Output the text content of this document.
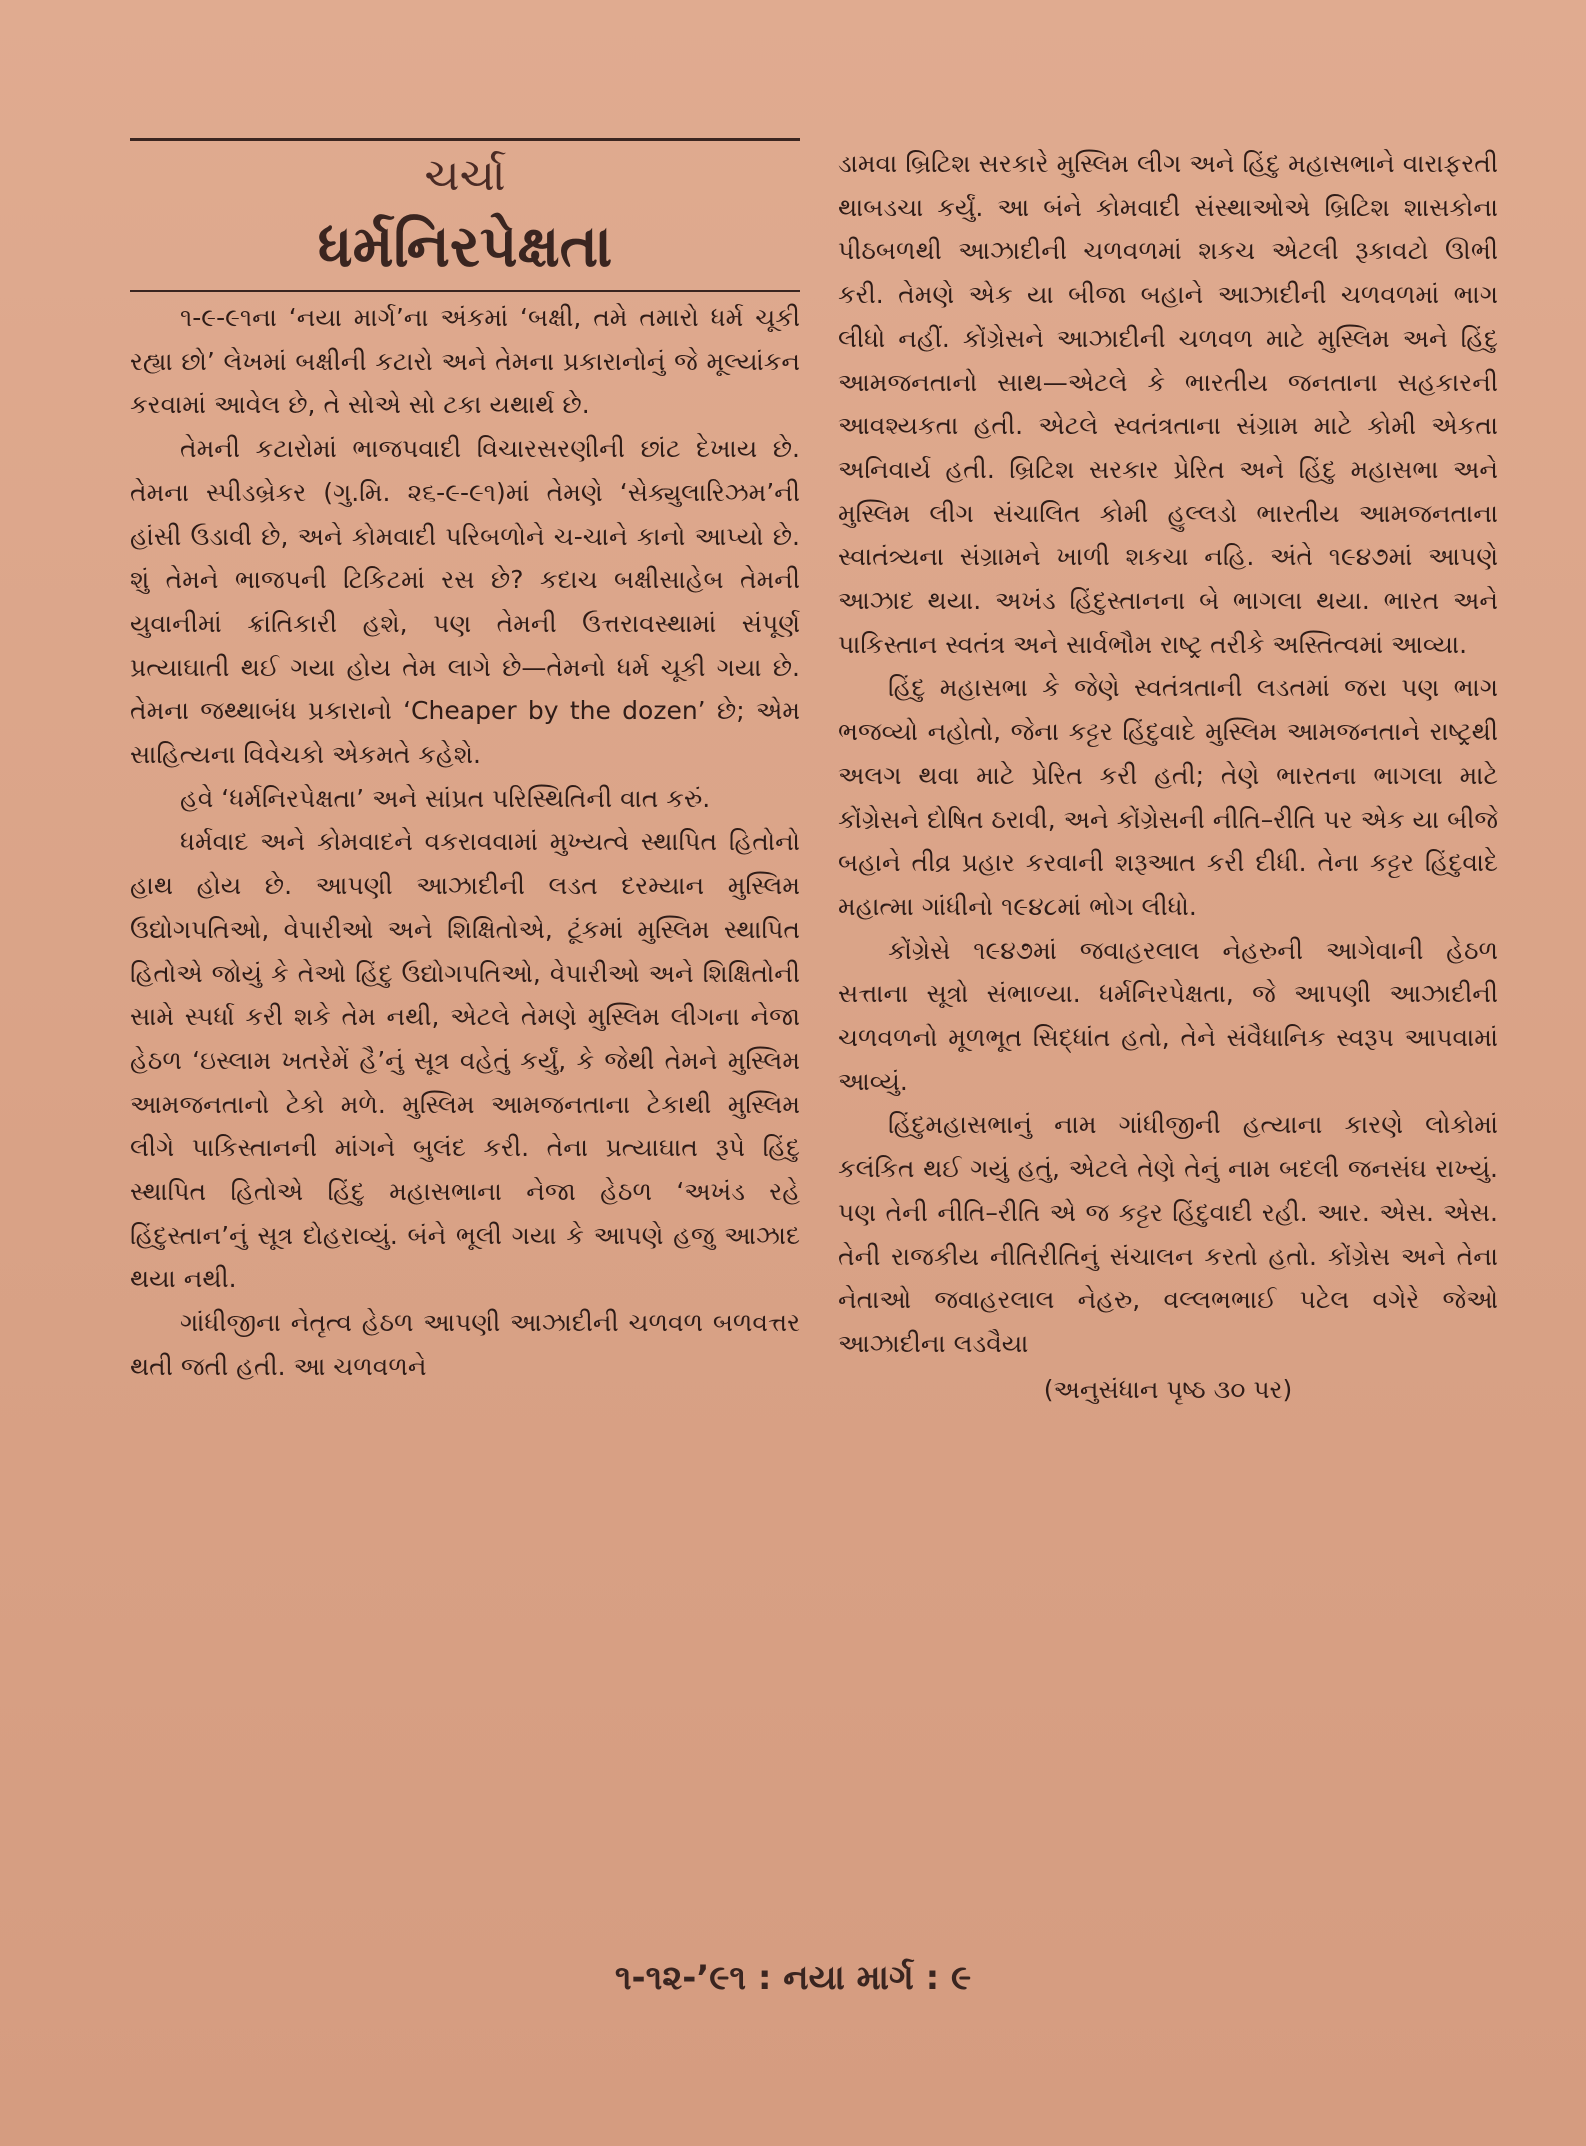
ચર્ચા
ધર્મનિરપેક્ષતા

૧-૯-૯૧ના ‘નયા માર્ગ’ના અંકમાં ‘બક્ષી, તમે તમારો ધર્મ ચૂકી રહ્યા છો’ લેખમાં બક્ષીની કટારો અને તેમના પ્રકારાનોનું જે મૂલ્યાંકન કરવામાં આવેલ છે, તે સોએ સો ટકા યથાર્થ છે.

તેમની કટારોમાં ભાજપવાદી વિચારસરણીની છાંટ દેખાય છે. તેમના સ્પીડબ્રેકર (ગુ.મિ. ૨૬-૯-૯૧)માં તેમણે ‘સેક્યુલારિઝમ’ની હાંસી ઉડાવી છે, અને કોમવાદી પરિબળોને ચ-ચાને કાનો આપ્યો છે. શું તેમને ભાજપની ટિકિટમાં રસ છે? કદાચ બક્ષીસાહેબ તેમની યુવાનીમાં ક્રાંતિકારી હશે, પણ તેમની ઉત્તરાવસ્થામાં સંપૂર્ણ પ્રત્યાઘાતી થઈ ગયા હોય તેમ લાગે છે—તેમનો ધર્મ ચૂકી ગયા છે. તેમના જથ્થાબંધ પ્રકારાનો ‘Cheaper by the dozen’ છે; એમ સાહિત્યના વિવેચકો એકમતે કહેશે.

હવે ‘ધર્મનિરપેક્ષતા’ અને સાંપ્રત પરિસ્થિતિની વાત કરું.

ધર્મવાદ અને કોમવાદને વકરાવવામાં મુખ્યત્વે સ્થાપિત હિતોનો હાથ હોય છે. આપણી આઝાદીની લડત દરમ્યાન મુસ્લિમ ઉદ્યોગપતિઓ, વેપારીઓ અને શિક્ષિતોએ, ટૂંકમાં મુસ્લિમ સ્થાપિત હિતોએ જોયું કે તેઓ હિંદુ ઉદ્યોગપતિઓ, વેપારીઓ અને શિક્ષિતોની સામે સ્પર્ધા કરી શકે તેમ નથી, એટલે તેમણે મુસ્લિમ લીગના નેજા હેઠળ ‘ઇસ્લામ ખતરેમેં હૈ’નું સૂત્ર વહેતું કર્યું, કે જેથી તેમને મુસ્લિમ આમજનતાનો ટેકો મળે. મુસ્લિમ આમજનતાના ટેકાથી મુસ્લિમ લીગે પાકિસ્તાનની માંગને બુલંદ કરી. તેના પ્રત્યાઘાત રૂપે હિંદુ સ્થાપિત હિતોએ હિંદુ મહાસભાના નેજા હેઠળ ‘અખંડ રહે હિંદુસ્તાન’નું સૂત્ર દોહરાવ્યું. બંને ભૂલી ગયા કે આપણે હજુ આઝાદ થયા નથી.

ગાંધીજીના નેતૃત્વ હેઠળ આપણી આઝાદીની ચળવળ બળવત્તર થતી જતી હતી. આ ચળવળને

ડામવા બ્રિટિશ સરકારે મુસ્લિમ લીગ અને હિંદુ મહાસભાને વારાફરતી થાબડચા કર્યું. આ બંને કોમવાદી સંસ્થાઓએ બ્રિટિશ શાસકોના પીઠબળથી આઝાદીની ચળવળમાં શકચ એટલી રૂકાવટો ઊભી કરી. તેમણે એક યા બીજા બહાને આઝાદીની ચળવળમાં ભાગ લીધો નહીં. કોંગ્રેસને આઝાદીની ચળવળ માટે મુસ્લિમ અને હિંદુ આમજનતાનો સાથ—એટલે કે ભારતીય જનતાના સહકારની આવશ્યકતા હતી. એટલે સ્વતંત્રતાના સંગ્રામ માટે કોમી એકતા અનિવાર્ય હતી. બ્રિટિશ સરકાર પ્રેરિત અને હિંદુ મહાસભા અને મુસ્લિમ લીગ સંચાલિત કોમી હુલ્લડો ભારતીય આમજનતાના સ્વાતંત્ર્યના સંગ્રામને ખાળી શકચા નહિ. અંતે ૧૯૪૭માં આપણે આઝાદ થયા. અખંડ હિંદુસ્તાનના બે ભાગલા થયા. ભારત અને પાકિસ્તાન સ્વતંત્ર અને સાર્વભૌમ રાષ્ટ્ર તરીકે અસ્તિત્વમાં આવ્યા.

હિંદુ મહાસભા કે જેણે સ્વતંત્રતાની લડતમાં જરા પણ ભાગ ભજવ્યો નહોતો, જેના કટ્ટર હિંદુવાદે મુસ્લિમ આમજનતાને રાષ્ટ્રથી અલગ થવા માટે પ્રેરિત કરી હતી; તેણે ભારતના ભાગલા માટે કોંગ્રેસને દોષિત ઠરાવી, અને કોંગ્રેસની નીતિ–રીતિ પર એક યા બીજે બહાને તીવ્ર પ્રહાર કરવાની શરૂઆત કરી દીધી. તેના કટ્ટર હિંદુવાદે મહાત્મા ગાંધીનો ૧૯૪૮માં ભોગ લીધો.

કોંગ્રેસે ૧૯૪૭માં જવાહરલાલ નેહરુની આગેવાની હેઠળ સત્તાના સૂત્રો સંભાળ્યા. ધર્મનિરપેક્ષતા, જે આપણી આઝાદીની ચળવળનો મૂળભૂત સિદ્ધાંત હતો, તેને સંવૈધાનિક સ્વરૂપ આપવામાં આવ્યું.

હિંદુમહાસભાનું નામ ગાંધીજીની હત્યાના કારણે લોકોમાં કલંકિત થઈ ગયું હતું, એટલે તેણે તેનું નામ બદલી જનસંઘ રાખ્યું. પણ તેની નીતિ–રીતિ એ જ કટ્ટર હિંદુવાદી રહી. આર. એસ. એસ. તેની રાજકીય નીતિરીતિનું સંચાલન કરતો હતો. કોંગ્રેસ અને તેના નેતાઓ જવાહરલાલ નેહરુ, વલ્લભભાઈ પટેલ વગેરે જેઓ આઝાદીના લડવૈયા

(અનુસંધાન પૃષ્ઠ ૩૦ પર)
૧-૧૨-’૯૧ : નયા માર્ગ : ૯
